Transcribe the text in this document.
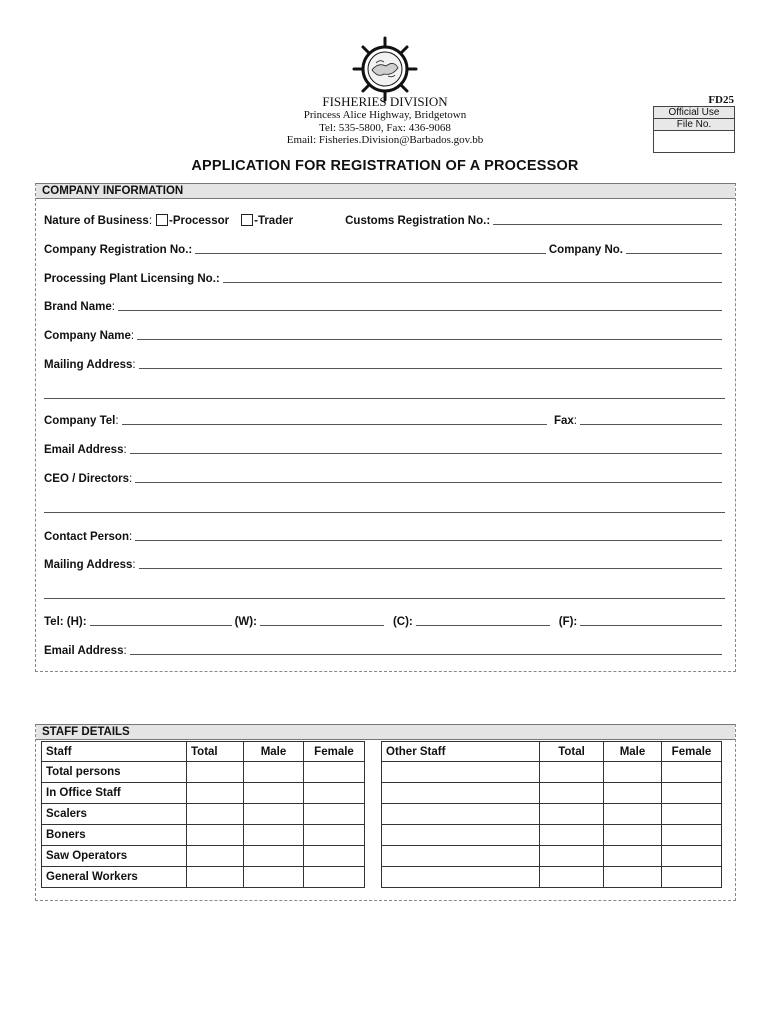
FISHERIES DIVISION
Princess Alice Highway, Bridgetown
Tel: 535-5800, Fax: 436-9068
Email: Fisheries.Division@Barbados.gov.bb
FD25
Official Use
File No.
APPLICATION FOR REGISTRATION OF A PROCESSOR
COMPANY INFORMATION
Nature of Business : -Processor -Trader	Customs Registration No.:
Company Registration No.:	Company No.
Processing Plant Licensing No.:
Brand Name :
Company Name :
Mailing Address :
Company Tel :	Fax :
Email Address :
CEO / Directors :
Contact Person :
Mailing Address :
Tel: (H):	(W):	(C):	(F):
Email Address :
STAFF DETAILS
Staff	Total	Male	Female
Total persons			
In Office Staff			
Scalers			
Boners			
Saw Operators			
General Workers			
Other Staff	Total	Male	Female
